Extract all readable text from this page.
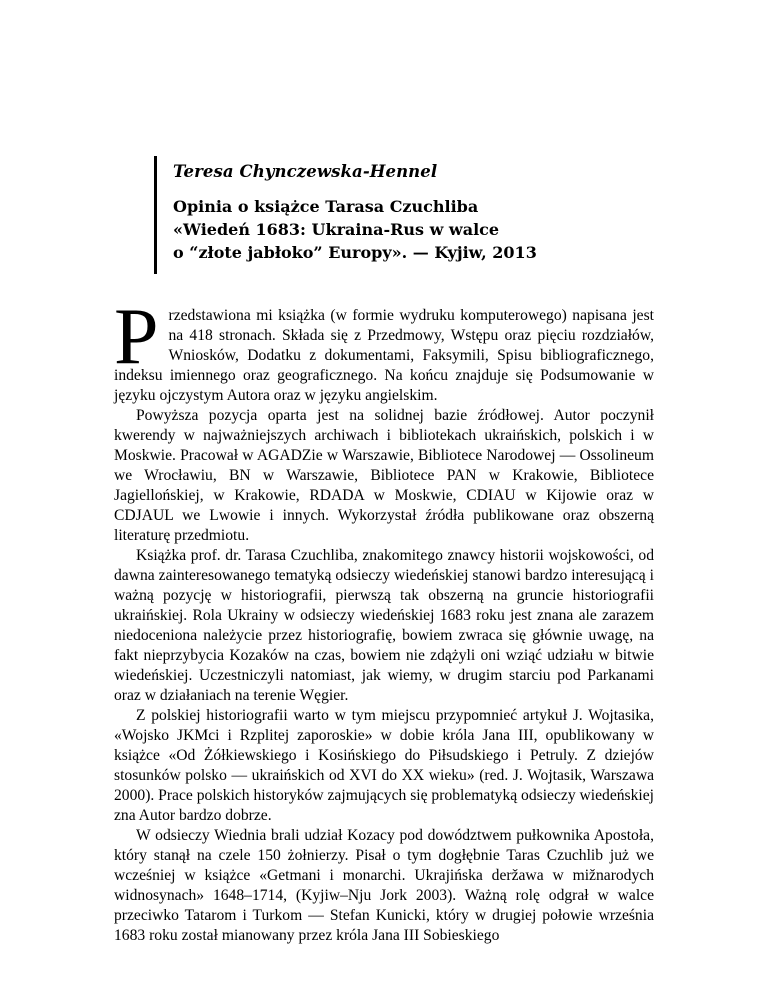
Teresa Chynczewska-Hennel
Opinia o książce Tarasa Czuchliba
«Wiedeń 1683: Ukraina-Rus w walce
o “złote jabłoko” Europy». — Kyjiw, 2013

Przedstawiona mi książka (w formie wydruku komputerowego) napisana jest na 418 stronach. Składa się z Przedmowy, Wstępu oraz pięciu rozdziałów, Wniosków, Dodatku z dokumentami, Faksymili, Spisu bibliograficznego, indeksu imiennego oraz geograficznego. Na końcu znajduje się Podsumowanie w języku ojczystym Autora oraz w języku angielskim.

Powyższa pozycja oparta jest na solidnej bazie źródłowej. Autor poczynił kwerendy w najważniejszych archiwach i bibliotekach ukraińskich, polskich i w Moskwie. Pracował w AGADZie w Warszawie, Bibliotece Narodowej — Ossolineum we Wrocławiu, BN w Warszawie, Bibliotece PAN w Krakowie, Bibliotece Jagiellońskiej, w Krakowie, RDADA w Moskwie, CDIAU w Kijowie oraz w CDJAUL we Lwowie i innych. Wykorzystał źródła publikowane oraz obszerną literaturę przedmiotu.

Książka prof. dr. Tarasa Czuchliba, znakomitego znawcy historii wojskowości, od dawna zainteresowanego tematyką odsieczy wiedeńskiej stanowi bardzo interesującą i ważną pozycję w historiografii, pierwszą tak obszerną na gruncie historiografii ukraińskiej. Rola Ukrainy w odsieczy wiedeńskiej 1683 roku jest znana ale zarazem niedoceniona należycie przez historiografię, bowiem zwraca się głównie uwagę, na fakt nieprzybycia Kozaków na czas, bowiem nie zdążyli oni wziąć udziału w bitwie wiedeńskiej. Uczestniczyli natomiast, jak wiemy, w drugim starciu pod Parkanami oraz w działaniach na terenie Węgier.

Z polskiej historiografii warto w tym miejscu przypomnieć artykuł J. Wojtasika, «Wojsko JKMci i Rzplitej zaporoskie» w dobie króla Jana III, opublikowany w książce «Od Żółkiewskiego i Kosińskiego do Piłsudskiego i Petruly. Z dziejów stosunków polsko — ukraińskich od XVI do XX wieku» (red. J. Wojtasik, Warszawa 2000). Prace polskich historyków zajmujących się problematyką odsieczy wiedeńskiej zna Autor bardzo dobrze.

W odsieczy Wiednia brali udział Kozacy pod dowództwem pułkownika Apostoła, który stanął na czele 150 żołnierzy. Pisał o tym dogłębnie Taras Czuchlib już we wcześniej w książce «Getmani i monarchi. Ukrajińska deržawa w mižnarodych widnosynach» 1648–1714, (Kyjiw–Nju Jork 2003). Ważną rolę odgrał w walce przeciwko Tatarom i Turkom — Stefan Kunicki, który w drugiej połowie września 1683 roku został mianowany przez króla Jana III Sobieskiego
